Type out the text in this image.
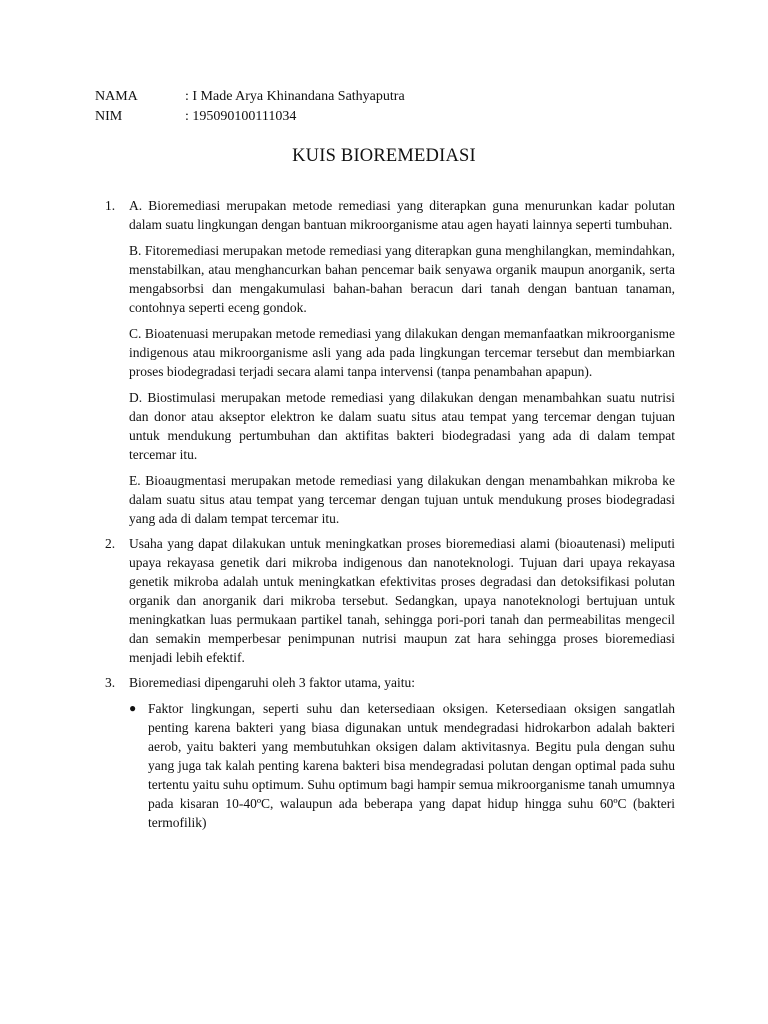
NAMA	: I Made Arya Khinandana Sathyaputra
NIM	: 195090100111034
KUIS BIOREMEDIASI
1.	A. Bioremediasi merupakan metode remediasi yang diterapkan guna menurunkan kadar polutan dalam suatu lingkungan dengan bantuan mikroorganisme atau agen hayati lainnya seperti tumbuhan.

B. Fitoremediasi merupakan metode remediasi yang diterapkan guna menghilangkan, memindahkan, menstabilkan, atau menghancurkan bahan pencemar baik senyawa organik maupun anorganik, serta mengabsorbsi dan mengakumulasi bahan-bahan beracun dari tanah dengan bantuan tanaman, contohnya seperti eceng gondok.

C. Bioatenuasi merupakan metode remediasi yang dilakukan dengan memanfaatkan mikroorganisme indigenous atau mikroorganisme asli yang ada pada lingkungan tercemar tersebut dan membiarkan proses biodegradasi terjadi secara alami tanpa intervensi (tanpa penambahan apapun).

D. Biostimulasi merupakan metode remediasi yang dilakukan dengan menambahkan suatu nutrisi dan donor atau akseptor elektron ke dalam suatu situs atau tempat yang tercemar dengan tujuan untuk mendukung pertumbuhan dan aktifitas bakteri biodegradasi yang ada di dalam tempat tercemar itu.

E. Bioaugmentasi merupakan metode remediasi yang dilakukan dengan menambahkan mikroba ke dalam suatu situs atau tempat yang tercemar dengan tujuan untuk mendukung proses biodegradasi yang ada di dalam tempat tercemar itu.

2.	Usaha yang dapat dilakukan untuk meningkatkan proses bioremediasi alami (bioautenasi) meliputi upaya rekayasa genetik dari mikroba indigenous dan nanoteknologi. Tujuan dari upaya rekayasa genetik mikroba adalah untuk meningkatkan efektivitas proses degradasi dan detoksifikasi polutan organik dan anorganik dari mikroba tersebut. Sedangkan, upaya nanoteknologi bertujuan untuk meningkatkan luas permukaan partikel tanah, sehingga pori-pori tanah dan permeabilitas mengecil dan semakin memperbesar penimpunan nutrisi maupun zat hara sehingga proses bioremediasi menjadi lebih efektif.

3.	Bioremediasi dipengaruhi oleh 3 faktor utama, yaitu:

● Faktor lingkungan, seperti suhu dan ketersediaan oksigen. Ketersediaan oksigen sangatlah penting karena bakteri yang biasa digunakan untuk mendegradasi hidrokarbon adalah bakteri aerob, yaitu bakteri yang membutuhkan oksigen dalam aktivitasnya. Begitu pula dengan suhu yang juga tak kalah penting karena bakteri bisa mendegradasi polutan dengan optimal pada suhu tertentu yaitu suhu optimum. Suhu optimum bagi hampir semua mikroorganisme tanah umumnya pada kisaran 10-40ºC, walaupun ada beberapa yang dapat hidup hingga suhu 60ºC (bakteri termofilik)
